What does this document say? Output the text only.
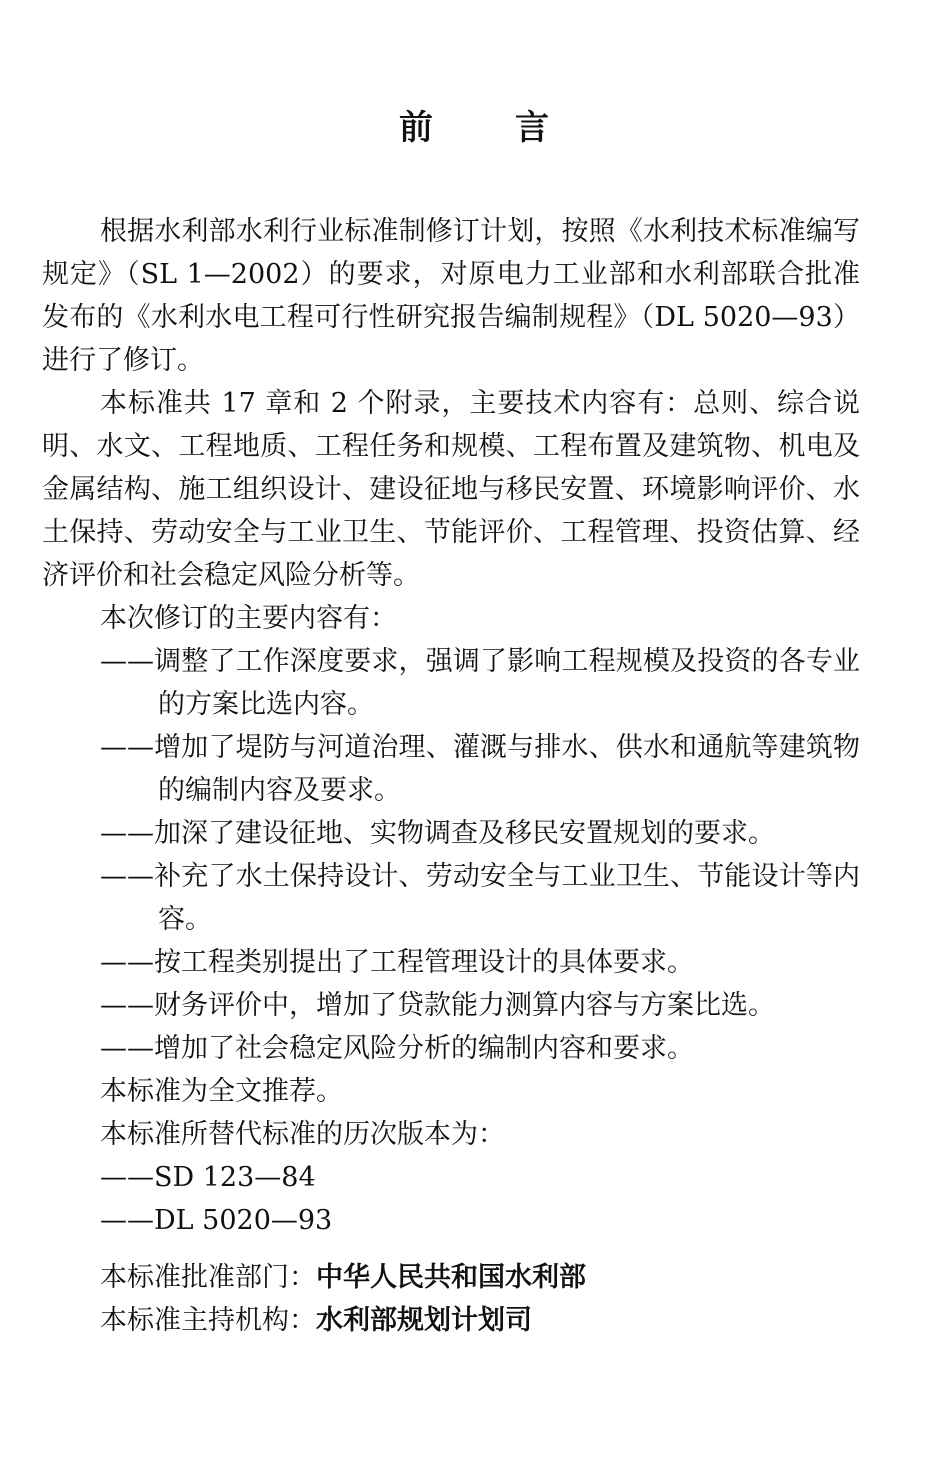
前 言

根据水利部水利行业标准制修订计划，按照《水利技术标准编写规定》（SL 1—2002）的要求，对原电力工业部和水利部联合批准发布的《水利水电工程可行性研究报告编制规程》（DL 5020—93）进行了修订。

本标准共 17 章和 2 个附录，主要技术内容有：总则、综合说明、水文、工程地质、工程任务和规模、工程布置及建筑物、机电及金属结构、施工组织设计、建设征地与移民安置、环境影响评价、水土保持、劳动安全与工业卫生、节能评价、工程管理、投资估算、经济评价和社会稳定风险分析等。

本次修订的主要内容有：

——调整了工作深度要求，强调了影响工程规模及投资的各专业的方案比选内容。

——增加了堤防与河道治理、灌溉与排水、供水和通航等建筑物的编制内容及要求。

——加深了建设征地、实物调查及移民安置规划的要求。

——补充了水土保持设计、劳动安全与工业卫生、节能设计等内容。

——按工程类别提出了工程管理设计的具体要求。

——财务评价中，增加了贷款能力测算内容与方案比选。

——增加了社会稳定风险分析的编制内容和要求。

本标准为全文推荐。

本标准所替代标准的历次版本为：

——SD 123—84

——DL 5020—93

本标准批准部门：中华人民共和国水利部

本标准主持机构：水利部规划计划司
